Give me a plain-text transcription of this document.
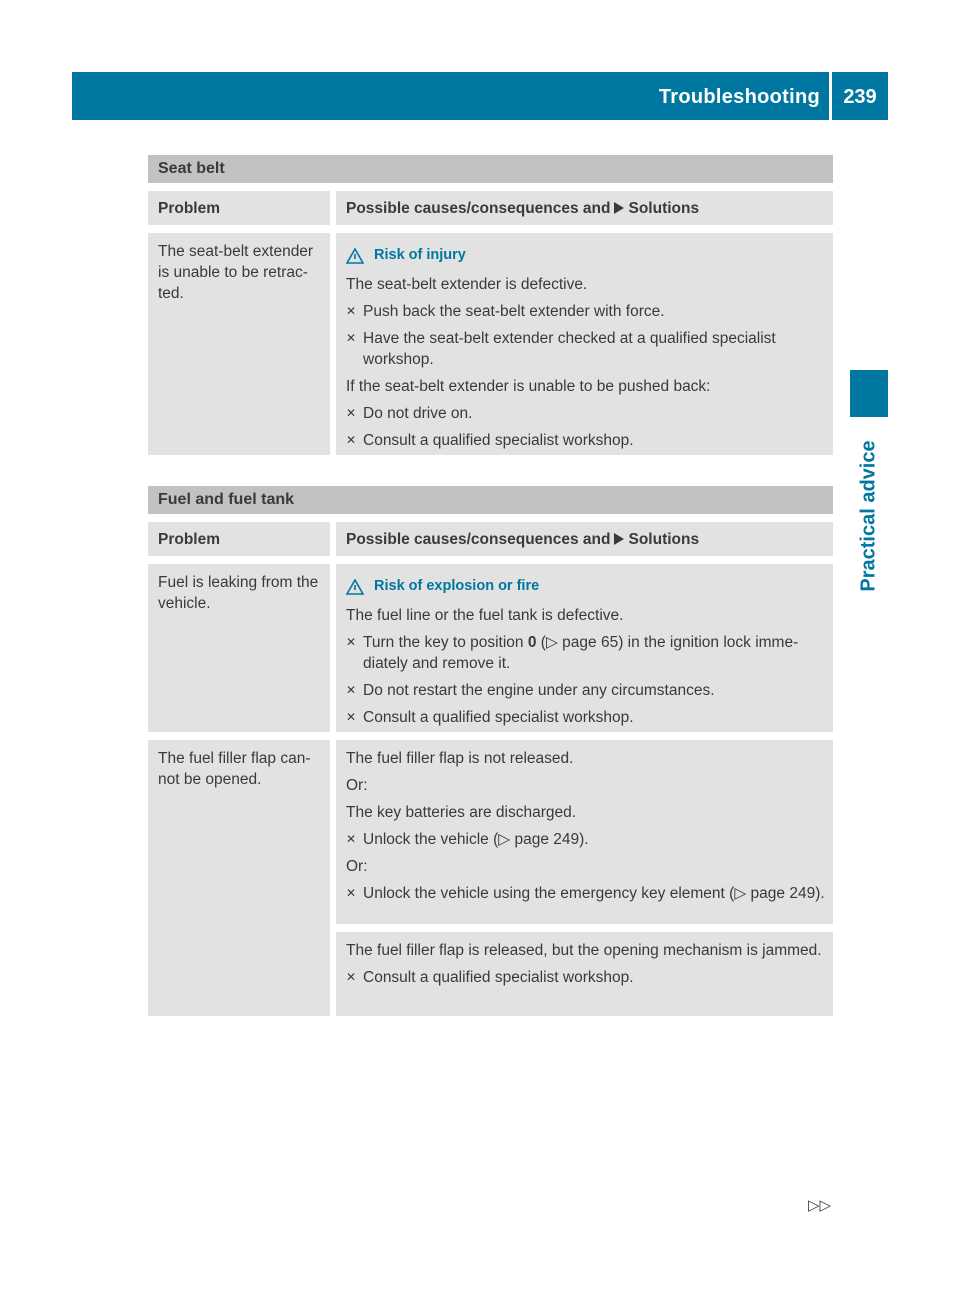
Troubleshooting	239
Practical advice
Seat belt
Problem	Possible causes/consequences and Solutions
The seat-belt extender is unable to be retracted.
Risk of injury
The seat-belt extender is defective.
✕ Push back the seat-belt extender with force.
✕ Have the seat-belt extender checked at a qualified specialist workshop.
If the seat-belt extender is unable to be pushed back:
✕ Do not drive on.
✕ Consult a qualified specialist workshop.
Fuel and fuel tank
Problem	Possible causes/consequences and Solutions
Fuel is leaking from the vehicle.
Risk of explosion or fire
The fuel line or the fuel tank is defective.
✕ Turn the key to position 0 (▷ page 65) in the ignition lock immediately and remove it.
✕ Do not restart the engine under any circumstances.
✕ Consult a qualified specialist workshop.
The fuel filler flap cannot be opened.
The fuel filler flap is not released.
Or:
The key batteries are discharged.
✕ Unlock the vehicle (▷ page 249).
Or:
✕ Unlock the vehicle using the emergency key element (▷ page 249).
The fuel filler flap is released, but the opening mechanism is jammed.
✕ Consult a qualified specialist workshop.
▷▷
